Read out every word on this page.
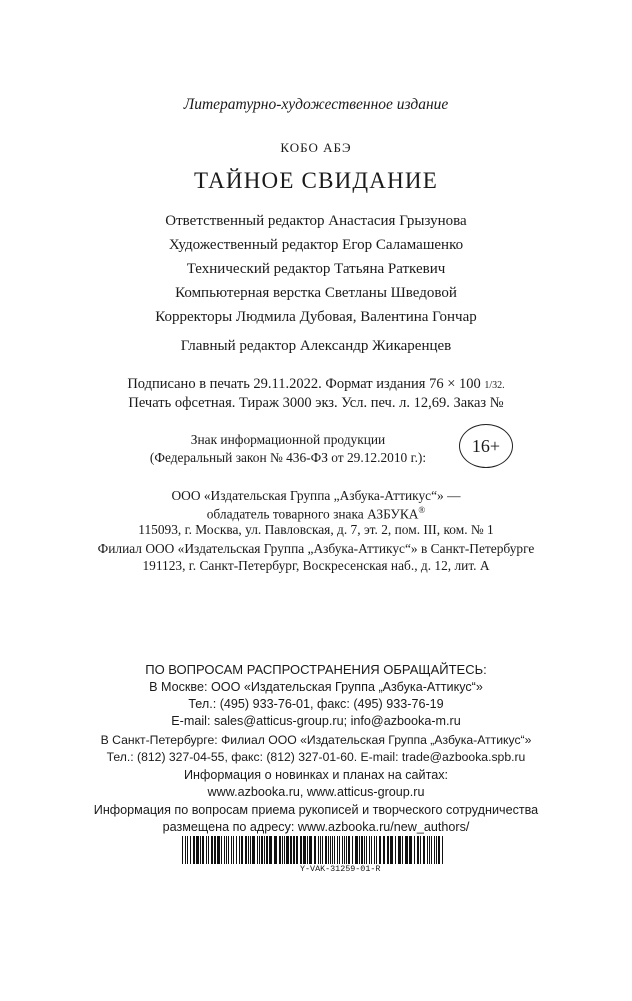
Литературно-художественное издание
КОБО АБЭ
ТАЙНОЕ СВИДАНИЕ
Ответственный редактор Анастасия Грызунова
Художественный редактор Егор Саламашенко
Технический редактор Татьяна Раткевич
Компьютерная верстка Светланы Шведовой
Корректоры Людмила Дубовая, Валентина Гончар
Главный редактор Александр Жикаренцев
Подписано в печать 29.11.2022. Формат издания 76 × 100 1/32.
Печать офсетная. Тираж 3000 экз. Усл. печ. л. 12,69. Заказ №
Знак информационной продукции
(Федеральный закон № 436-ФЗ от 29.12.2010 г.):
16+
ООО «Издательская Группа „Азбука-Аттикус“» —
обладатель товарного знака АЗБУКА®
115093, г. Москва, ул. Павловская, д. 7, эт. 2, пом. III, ком. № 1
Филиал ООО «Издательская Группа „Азбука-Аттикус“» в Санкт-Петербурге
191123, г. Санкт-Петербург, Воскресенская наб., д. 12, лит. А
ПО ВОПРОСАМ РАСПРОСТРАНЕНИЯ ОБРАЩАЙТЕСЬ:
В Москве: ООО «Издательская Группа „Азбука-Аттикус“»
Тел.: (495) 933-76-01, факс: (495) 933-76-19
E-mail: sales@atticus-group.ru; info@azbooka-m.ru
В Санкт-Петербурге: Филиал ООО «Издательская Группа „Азбука-Аттикус“»
Тел.: (812) 327-04-55, факс: (812) 327-01-60. E-mail: trade@azbooka.spb.ru
Информация о новинках и планах на сайтах:
www.azbooka.ru, www.atticus-group.ru
Информация по вопросам приема рукописей и творческого сотрудничества
размещена по адресу: www.azbooka.ru/new_authors/
Y-VAK-31259-01-R
